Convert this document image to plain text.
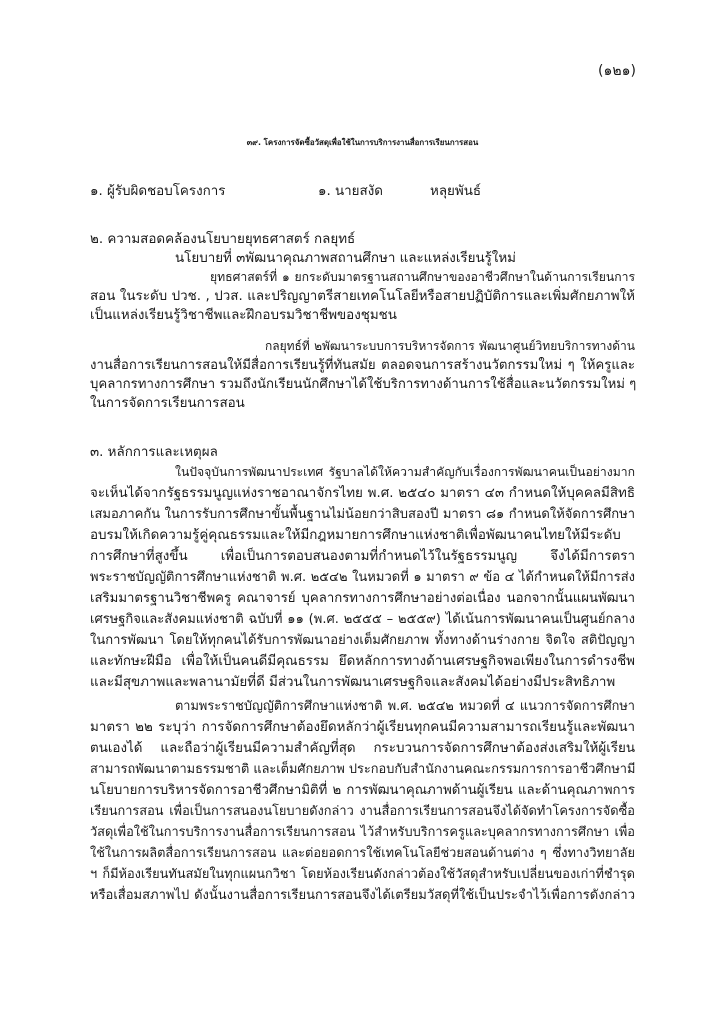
(๑๒๑)
๓๙. โครงการจัดซื้อวัสดุเพื่อใช้ในการบริการงานสื่อการเรียนการสอน
๑. ผู้รับผิดชอบโครงการ	๑. นายสงัด	หลุยพันธ์
๒. ความสอดคล้องนโยบายยุทธศาสตร์ กลยุทธ์
นโยบายที่ ๓พัฒนาคุณภาพสถานศึกษา และแหล่งเรียนรู้ใหม่
ยุทธศาสตร์ที่ ๑ ยกระดับมาตรฐานสถานศึกษาของอาชีวศึกษาในด้านการเรียนการ
สอน ในระดับ ปวช. , ปวส. และปริญญาตรีสายเทคโนโลยีหรือสายปฏิบัติการและเพิ่มศักยภาพให้
เป็นแหล่งเรียนรู้วิชาชีพและฝึกอบรมวิชาชีพของชุมชน
กลยุทธ์ที่ ๒พัฒนาระบบการบริหารจัดการ พัฒนาศูนย์วิทยบริการทางด้าน
งานสื่อการเรียนการสอนให้มีสื่อการเรียนรู้ที่ทันสมัย ตลอดจนการสร้างนวัตกรรมใหม่ ๆ ให้ครูและ
บุคลากรทางการศึกษา รวมถึงนักเรียนนักศึกษาได้ใช้บริการทางด้านการใช้สื่อและนวัตกรรมใหม่ ๆ
ในการจัดการเรียนการสอน
๓. หลักการและเหตุผล
ในปัจจุบันการพัฒนาประเทศ รัฐบาลได้ให้ความสำคัญกับเรื่องการพัฒนาคนเป็นอย่างมาก
จะเห็นได้จากรัฐธรรมนูญแห่งราชอาณาจักรไทย พ.ศ. ๒๕๔๐ มาตรา ๔๓ กำหนดให้บุคคลมีสิทธิ
เสมอภาคกัน ในการรับการศึกษาขั้นพื้นฐานไม่น้อยกว่าสิบสองปี มาตรา ๘๑ กำหนดให้จัดการศึกษา
อบรมให้เกิดความรู้คู่คุณธรรมและให้มีกฎหมายการศึกษาแห่งชาติเพื่อพัฒนาคนไทยให้มีระดับ
การศึกษาที่สูงขึ้น เพื่อเป็นการตอบสนองตามที่กำหนดไว้ในรัฐธรรมนูญ จึงได้มีการตรา
พระราชบัญญัติการศึกษาแห่งชาติ พ.ศ. ๒๕๔๒ ในหมวดที่ ๑ มาตรา ๙ ข้อ ๔ ได้กำหนดให้มีการส่ง
เสริมมาตรฐานวิชาชีพครู คณาจารย์ บุคลากรทางการศึกษาอย่างต่อเนื่อง นอกจากนั้นแผนพัฒนา
เศรษฐกิจและสังคมแห่งชาติ ฉบับที่ ๑๑ (พ.ศ. ๒๕๕๕ – ๒๕๕๙) ได้เน้นการพัฒนาคนเป็นศูนย์กลาง
ในการพัฒนา โดยให้ทุกคนได้รับการพัฒนาอย่างเต็มศักยภาพ ทั้งทางด้านร่างกาย จิตใจ สติปัญญา
และทักษะฝีมือ เพื่อให้เป็นคนดีมีคุณธรรม ยึดหลักการทางด้านเศรษฐกิจพอเพียงในการดำรงชีพ
และมีสุขภาพและพลานามัยที่ดี มีส่วนในการพัฒนาเศรษฐกิจและสังคมได้อย่างมีประสิทธิภาพ
ตามพระราชบัญญัติการศึกษาแห่งชาติ พ.ศ. ๒๕๔๒ หมวดที่ ๔ แนวการจัดการศึกษา
มาตรา ๒๒ ระบุว่า การจัดการศึกษาต้องยึดหลักว่าผู้เรียนทุกคนมีความสามารถเรียนรู้และพัฒนา
ตนเองได้ และถือว่าผู้เรียนมีความสำคัญที่สุด กระบวนการจัดการศึกษาต้องส่งเสริมให้ผู้เรียน
สามารถพัฒนาตามธรรมชาติ และเต็มศักยภาพ ประกอบกับสำนักงานคณะกรรมการการอาชีวศึกษามี
นโยบายการบริหารจัดการอาชีวศึกษามิติที่ ๒ การพัฒนาคุณภาพด้านผู้เรียน และด้านคุณภาพการ
เรียนการสอน เพื่อเป็นการสนองนโยบายดังกล่าว งานสื่อการเรียนการสอนจึงได้จัดทำโครงการจัดซื้อ
วัสดุเพื่อใช้ในการบริการงานสื่อการเรียนการสอน ไว้สำหรับบริการครูและบุคลากรทางการศึกษา เพื่อ
ใช้ในการผลิตสื่อการเรียนการสอน และต่อยอดการใช้เทคโนโลยีช่วยสอนด้านต่าง ๆ ซึ่งทางวิทยาลัย
ฯ ก็มีห้องเรียนทันสมัยในทุกแผนกวิชา โดยห้องเรียนดังกล่าวต้องใช้วัสดุสำหรับเปลี่ยนของเก่าที่ชำรุด
หรือเสื่อมสภาพไป ดังนั้นงานสื่อการเรียนการสอนจึงได้เตรียมวัสดุที่ใช้เป็นประจำไว้เพื่อการดังกล่าว
